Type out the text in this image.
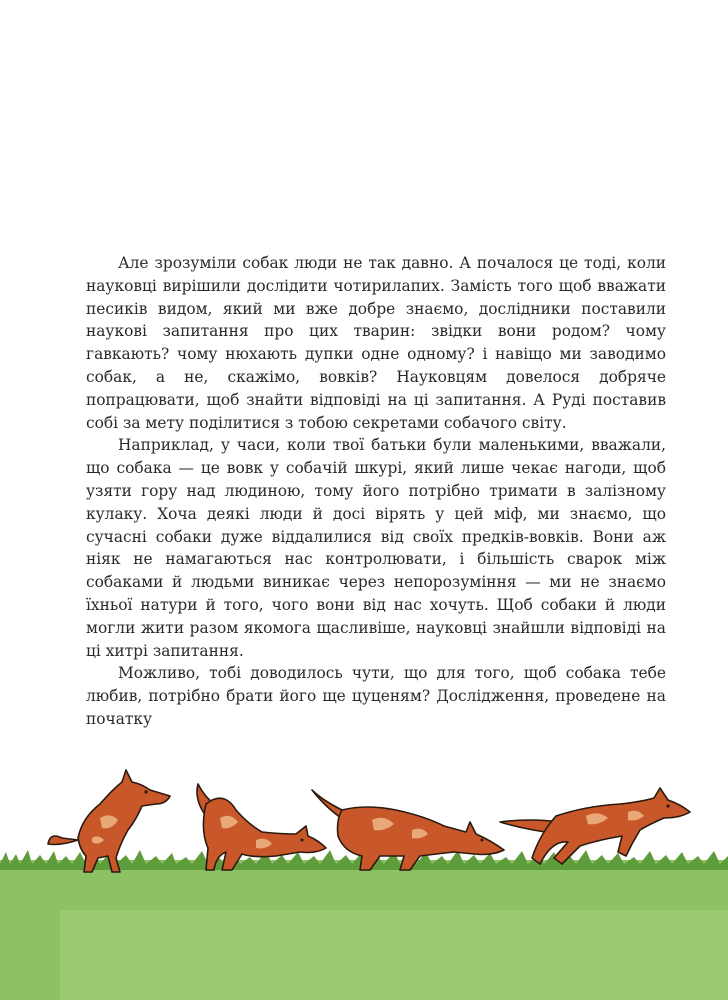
Але зрозуміли собак люди не так давно. А почалося це тоді, коли науковці вирішили дослідити чотирилапих. Замість того щоб вважати песиків видом, який ми вже добре знаємо, дослідники поставили наукові запитання про цих тварин: звідки вони родом? чому гавкають? чому нюхають дупки одне одному? і навіщо ми заводимо собак, а не, скажімо, вовків? Науковцям довелося добряче попрацювати, щоб знайти відповіді на ці запитання. А Руді поставив собі за мету поділитися з тобою секретами собачого світу.

Наприклад, у часи, коли твої батьки були маленькими, вважали, що собака — це вовк у собачій шкурі, який лише чекає нагоди, щоб узяти гору над людиною, тому його потрібно тримати в залізному кулаку. Хоча деякі люди й досі вірять у цей міф, ми знаємо, що сучасні собаки дуже віддалилися від своїх предків-вовків. Вони аж ніяк не намагаються нас контролювати, і більшість сварок між собаками й людьми виникає через непорозуміння — ми не знаємо їхньої натури й того, чого вони від нас хочуть. Щоб собаки й люди могли жити разом якомога щасливіше, науковці знайшли відповіді на ці хитрі запитання.

Можливо, тобі доводилось чути, що для того, щоб собака тебе любив, потрібно брати його ще цуценям? Дослідження, проведене на початку
